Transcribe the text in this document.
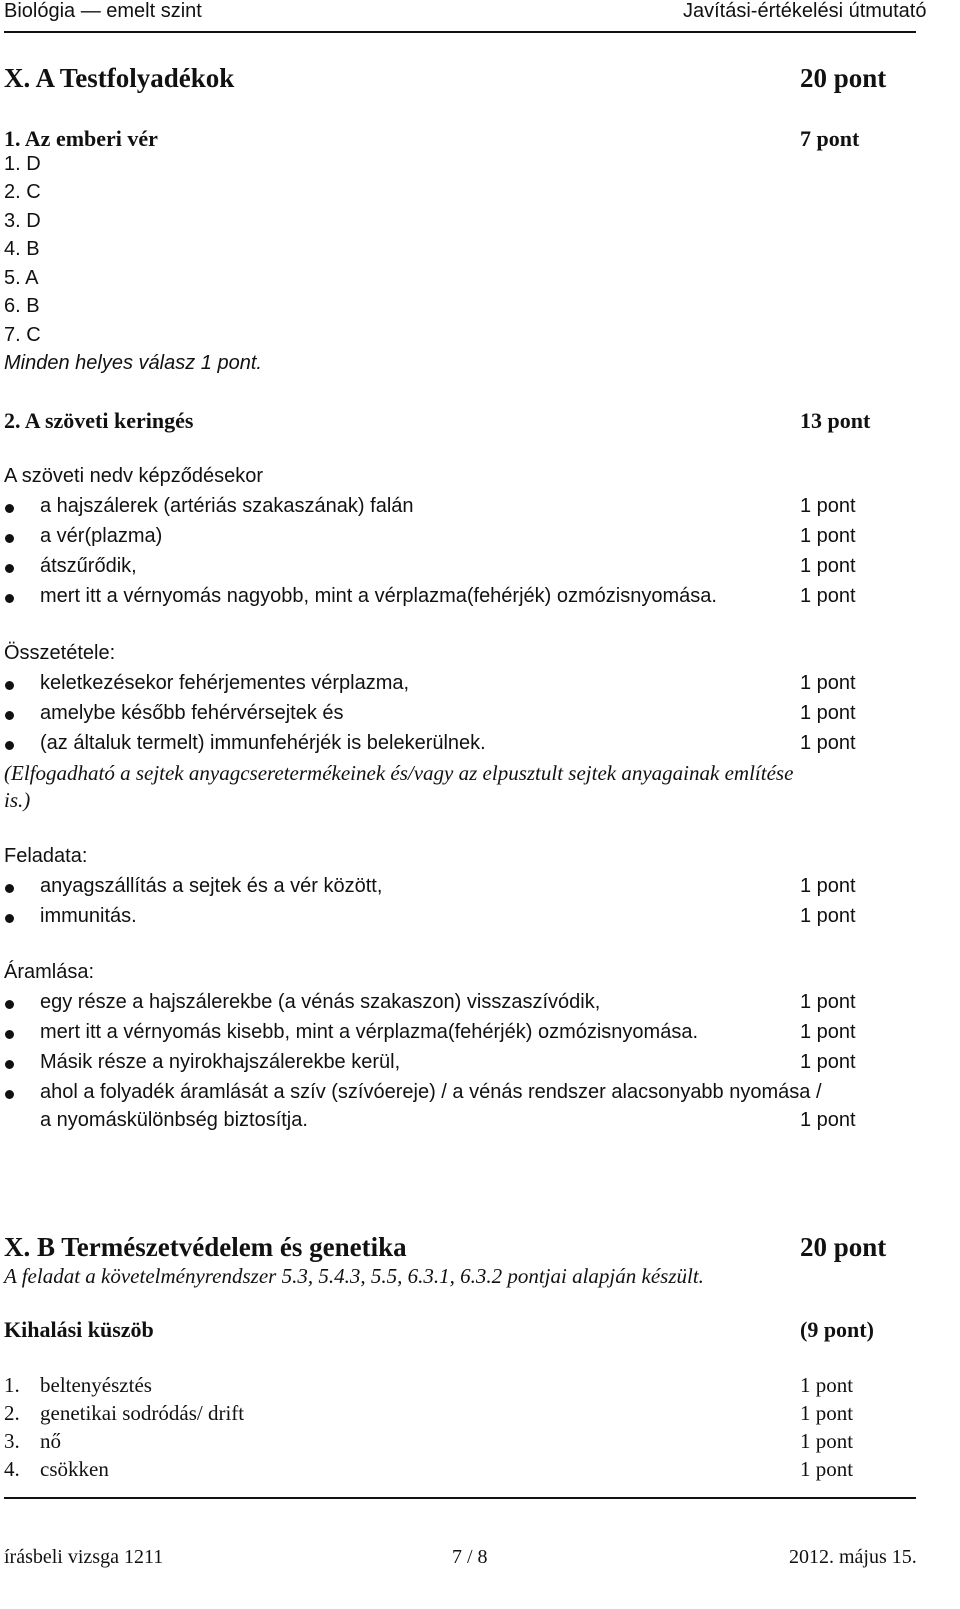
Biológia — emelt szint	Javítási-értékelési útmutató
X. A Testfolyadékok	20 pont
1. Az emberi vér	7 pont
1. D
2. C
3. D
4. B
5. A
6. B
7. C
Minden helyes válasz 1 pont.
2. A szöveti keringés	13 pont
A szöveti nedv képződésekor
a hajszálerek (artériás szakaszának) falán	1 pont
a vér(plazma)	1 pont
átszűrődik,	1 pont
mert itt a vérnyomás nagyobb, mint a vérplazma(fehérjék) ozmózisnyomása.	1 pont
Összetétele:
keletkezésekor fehérjementes vérplazma,	1 pont
amelybe később fehérvérsejtek és	1 pont
(az általuk termelt) immunfehérjék is belekerülnek.	1 pont
(Elfogadható a sejtek anyagcseretermékeinek és/vagy az elpusztult sejtek anyagainak említése
is.)
Feladata:
anyagszállítás a sejtek és a vér között,	1 pont
immunitás.	1 pont
Áramlása:
egy része a hajszálerekbe (a vénás szakaszon) visszaszívódik,	1 pont
mert itt a vérnyomás kisebb, mint a vérplazma(fehérjék) ozmózisnyomása.	1 pont
Másik része a nyirokhajszálerekbe kerül,	1 pont
ahol a folyadék áramlását a szív (szívóereje) / a vénás rendszer alacsonyabb nyomása /
a nyomáskülönbség biztosítja.	1 pont
X. B Természetvédelem és genetika	20 pont
A feladat a követelményrendszer 5.3, 5.4.3, 5.5, 6.3.1, 6.3.2 pontjai alapján készült.
Kihalási küszöb	(9 pont)
1. beltenyésztés	1 pont
2. genetikai sodródás/ drift	1 pont
3. nő	1 pont
4. csökken	1 pont
írásbeli vizsga 1211	7 / 8	2012. május 15.
